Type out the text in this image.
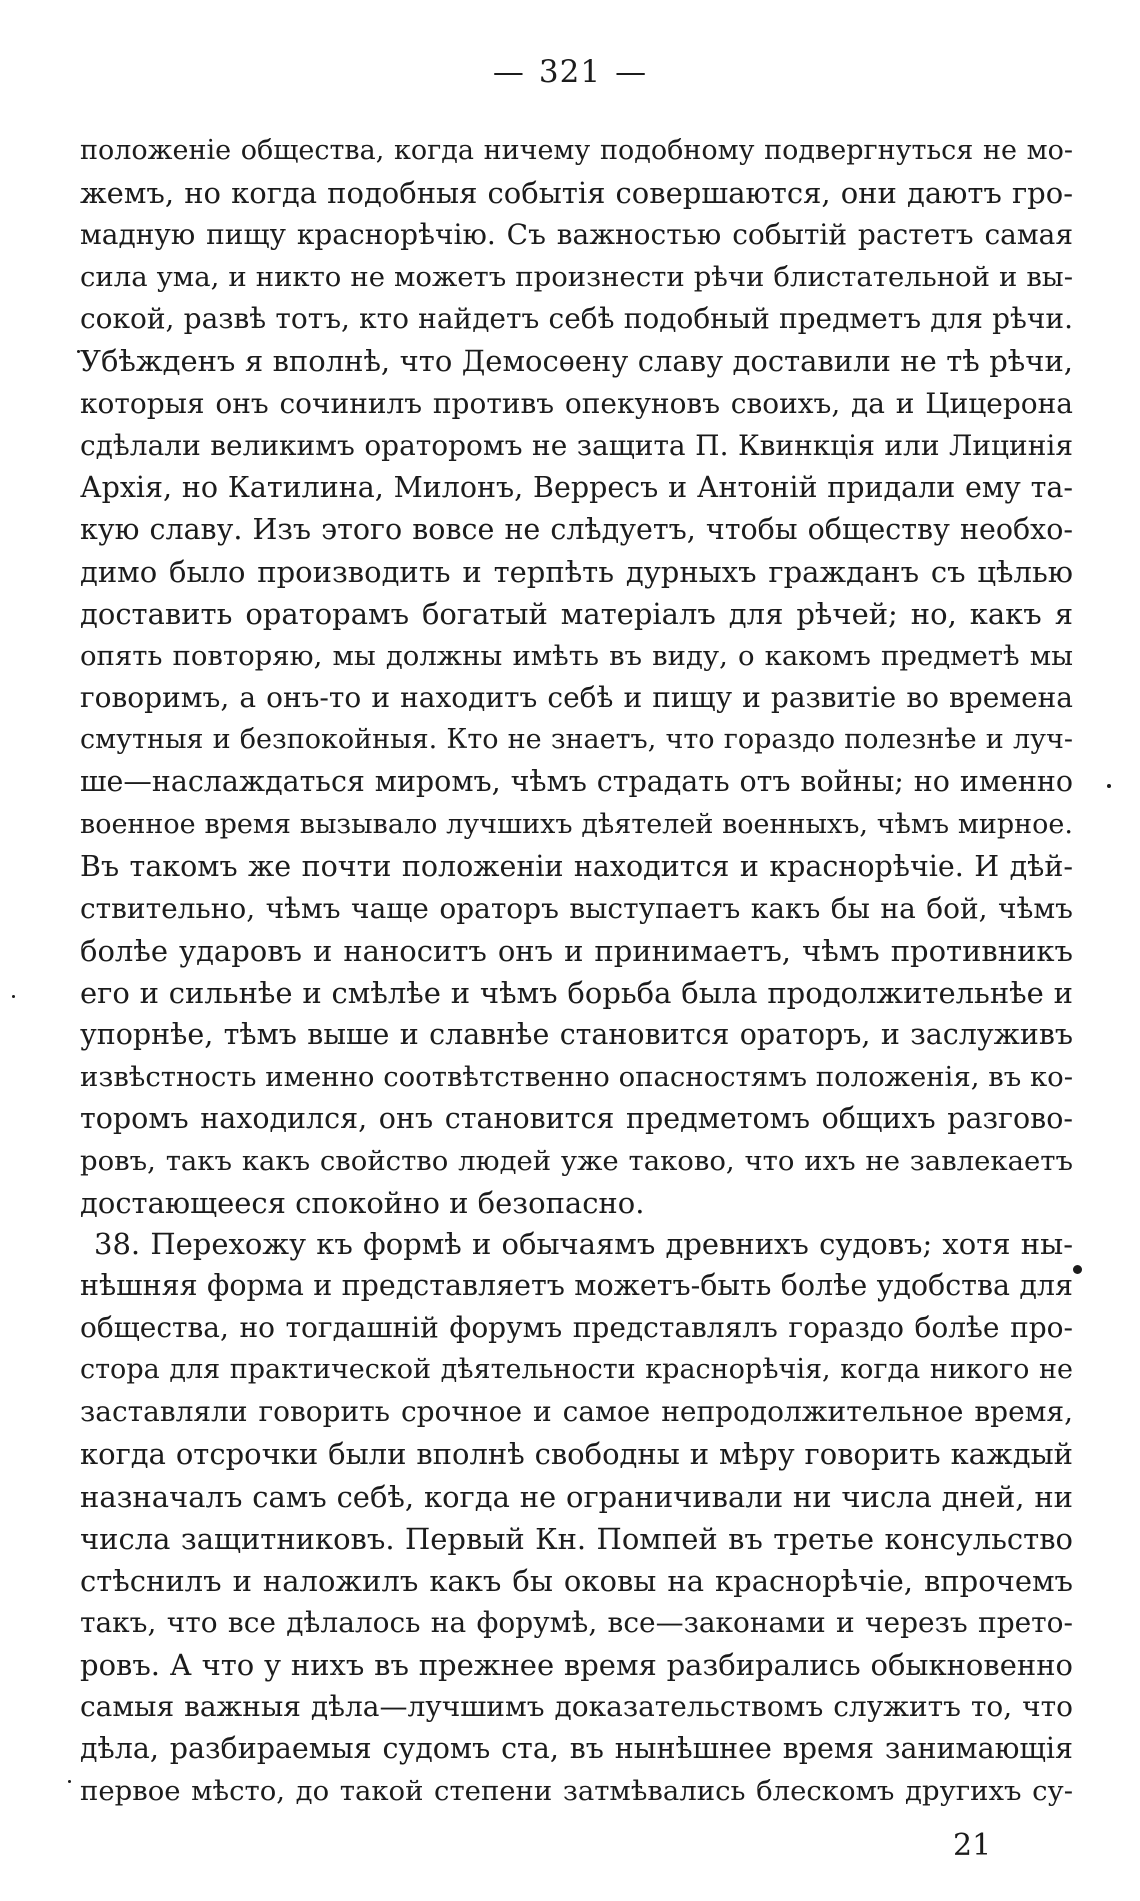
— 321 —
положеніе общества, когда ничему подобному подвергнуться не мо-
жемъ, но когда подобныя событія совершаются, они даютъ гро-
мадную пищу краснорѣчію. Съ важностью событій растетъ самая
сила ума, и никто не можетъ произнести рѣчи блистательной и вы-
сокой, развѣ тотъ, кто найдетъ себѣ подобный предметъ для рѣчи.
Убѣжденъ я вполнѣ, что Демосѳену славу доставили не тѣ рѣчи,
которыя онъ сочинилъ противъ опекуновъ своихъ, да и Цицерона
сдѣлали великимъ ораторомъ не защита П. Квинкція или Лицинія
Архія, но Катилина, Милонъ, Верресъ и Антоній придали ему та-
кую славу. Изъ этого вовсе не слѣдуетъ, чтобы обществу необхо-
димо было производить и терпѣть дурныхъ гражданъ съ цѣлью
доставить ораторамъ богатый матеріалъ для рѣчей; но, какъ я
опять повторяю, мы должны имѣть въ виду, о какомъ предметѣ мы
говоримъ, а онъ-то и находитъ себѣ и пищу и развитіе во времена
смутныя и безпокойныя. Кто не знаетъ, что гораздо полезнѣе и луч-
ше—наслаждаться миромъ, чѣмъ страдать отъ войны; но именно
военное время вызывало лучшихъ дѣятелей военныхъ, чѣмъ мирное.
Въ такомъ же почти положеніи находится и краснорѣчіе. И дѣй-
ствительно, чѣмъ чаще ораторъ выступаетъ какъ бы на бой, чѣмъ
болѣе ударовъ и наноситъ онъ и принимаетъ, чѣмъ противникъ
его и сильнѣе и смѣлѣе и чѣмъ борьба была продолжительнѣе и
упорнѣе, тѣмъ выше и славнѣе становится ораторъ, и заслуживъ
извѣстность именно соотвѣтственно опасностямъ положенія, въ ко-
торомъ находился, онъ становится предметомъ общихъ разгово-
ровъ, такъ какъ свойство людей уже таково, что ихъ не завлекаетъ
достающееся спокойно и безопасно.
38. Перехожу къ формѣ и обычаямъ древнихъ судовъ; хотя ны-
нѣшняя форма и представляетъ можетъ-быть болѣе удобства для
общества, но тогдашній форумъ представлялъ гораздо болѣе про-
стора для практической дѣятельности краснорѣчія, когда никого не
заставляли говорить срочное и самое непродолжительное время,
когда отсрочки были вполнѣ свободны и мѣру говорить каждый
назначалъ самъ себѣ, когда не ограничивали ни числа дней, ни
числа защитниковъ. Первый Кн. Помпей въ третье консульство
стѣснилъ и наложилъ какъ бы оковы на краснорѣчіе, впрочемъ
такъ, что все дѣлалось на форумѣ, все—законами и черезъ прето-
ровъ. А что у нихъ въ прежнее время разбирались обыкновенно
самыя важныя дѣла—лучшимъ доказательствомъ служитъ то, что
дѣла, разбираемыя судомъ ста, въ нынѣшнее время занимающія
первое мѣсто, до такой степени затмѣвались блескомъ другихъ су-
21
